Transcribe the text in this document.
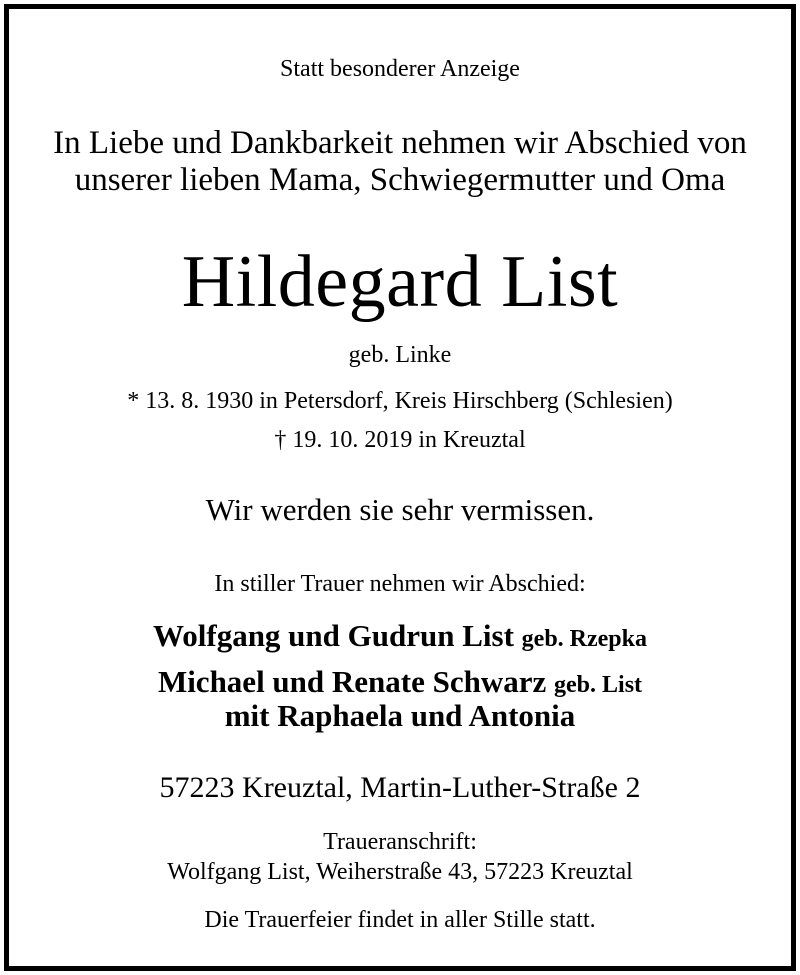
Statt besonderer Anzeige
In Liebe und Dankbarkeit nehmen wir Abschied von
unserer lieben Mama, Schwiegermutter und Oma
Hildegard List
geb. Linke
* 13. 8. 1930 in Petersdorf, Kreis Hirschberg (Schlesien)
† 19. 10. 2019 in Kreuztal
Wir werden sie sehr vermissen.
In stiller Trauer nehmen wir Abschied:
Wolfgang und Gudrun List geb. Rzepka
Michael und Renate Schwarz geb. List
mit Raphaela und Antonia
57223 Kreuztal, Martin-Luther-Straße 2
Traueranschrift:
Wolfgang List, Weiherstraße 43, 57223 Kreuztal
Die Trauerfeier findet in aller Stille statt.
